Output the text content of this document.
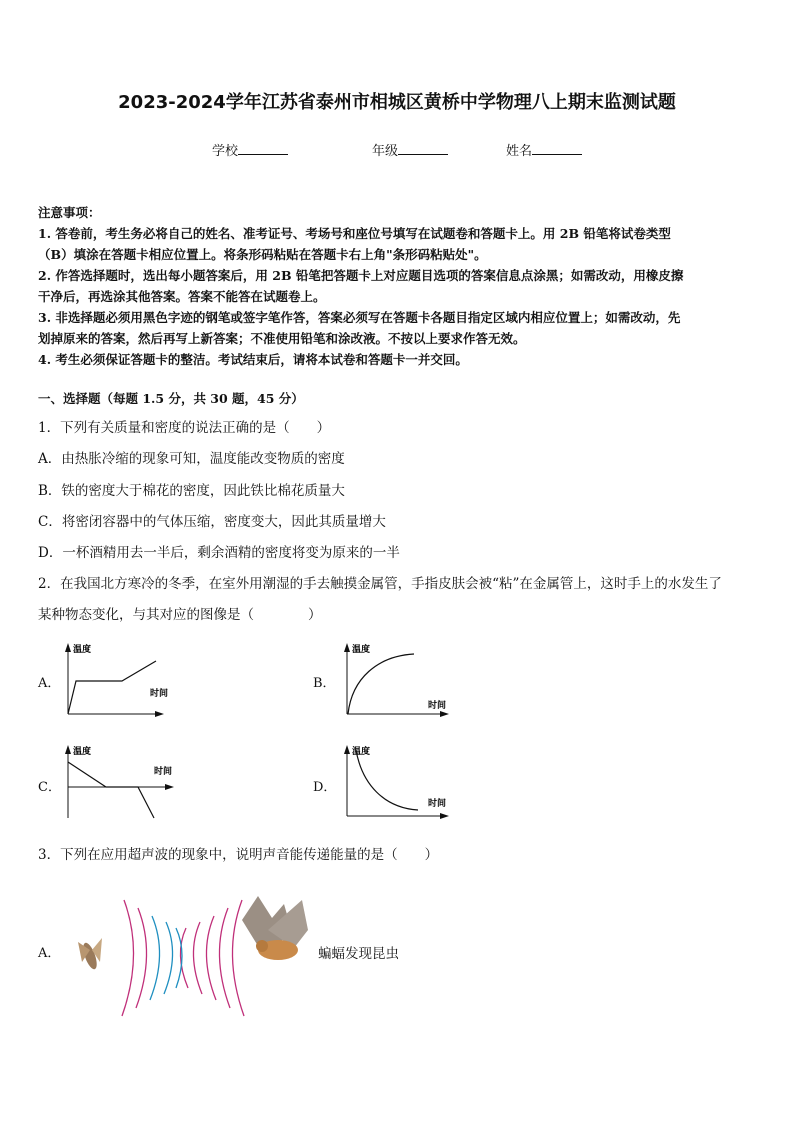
2023-2024学年江苏省泰州市相城区黄桥中学物理八上期末监测试题
学校	年级	姓名
注意事项：
1. 答卷前，考生务必将自己的姓名、准考证号、考场号和座位号填写在试题卷和答题卡上。用 2B 铅笔将试卷类型
（B）填涂在答题卡相应位置上。将条形码粘贴在答题卡右上角"条形码粘贴处"。
2. 作答选择题时，选出每小题答案后，用 2B 铅笔把答题卡上对应题目选项的答案信息点涂黑；如需改动，用橡皮擦
干净后，再选涂其他答案。答案不能答在试题卷上。
3. 非选择题必须用黑色字迹的钢笔或签字笔作答，答案必须写在答题卡各题目指定区域内相应位置上；如需改动，先
划掉原来的答案，然后再写上新答案；不准使用铅笔和涂改液。不按以上要求作答无效。
4. 考生必须保证答题卡的整洁。考试结束后，请将本试卷和答题卡一并交回。
一、选择题（每题 1.5 分，共 30 题，45 分）
1．下列有关质量和密度的说法正确的是（　　）
A．由热胀冷缩的现象可知，温度能改变物质的密度
B．铁的密度大于棉花的密度，因此铁比棉花质量大
C．将密闭容器中的气体压缩，密度变大，因此其质量增大
D．一杯酒精用去一半后，剩余酒精的密度将变为原来的一半
2．在我国北方寒冷的冬季，在室外用潮湿的手去触摸金属管，手指皮肤会被“粘”在金属管上，这时手上的水发生了
某种物态变化，与其对应的图像是（　　　　）
A．
温度
时间
B．
温度
时间
C．
温度
时间
D．
温度
时间
3．下列在应用超声波的现象中，说明声音能传递能量的是（　　）
A．	蝙蝠发现昆虫
